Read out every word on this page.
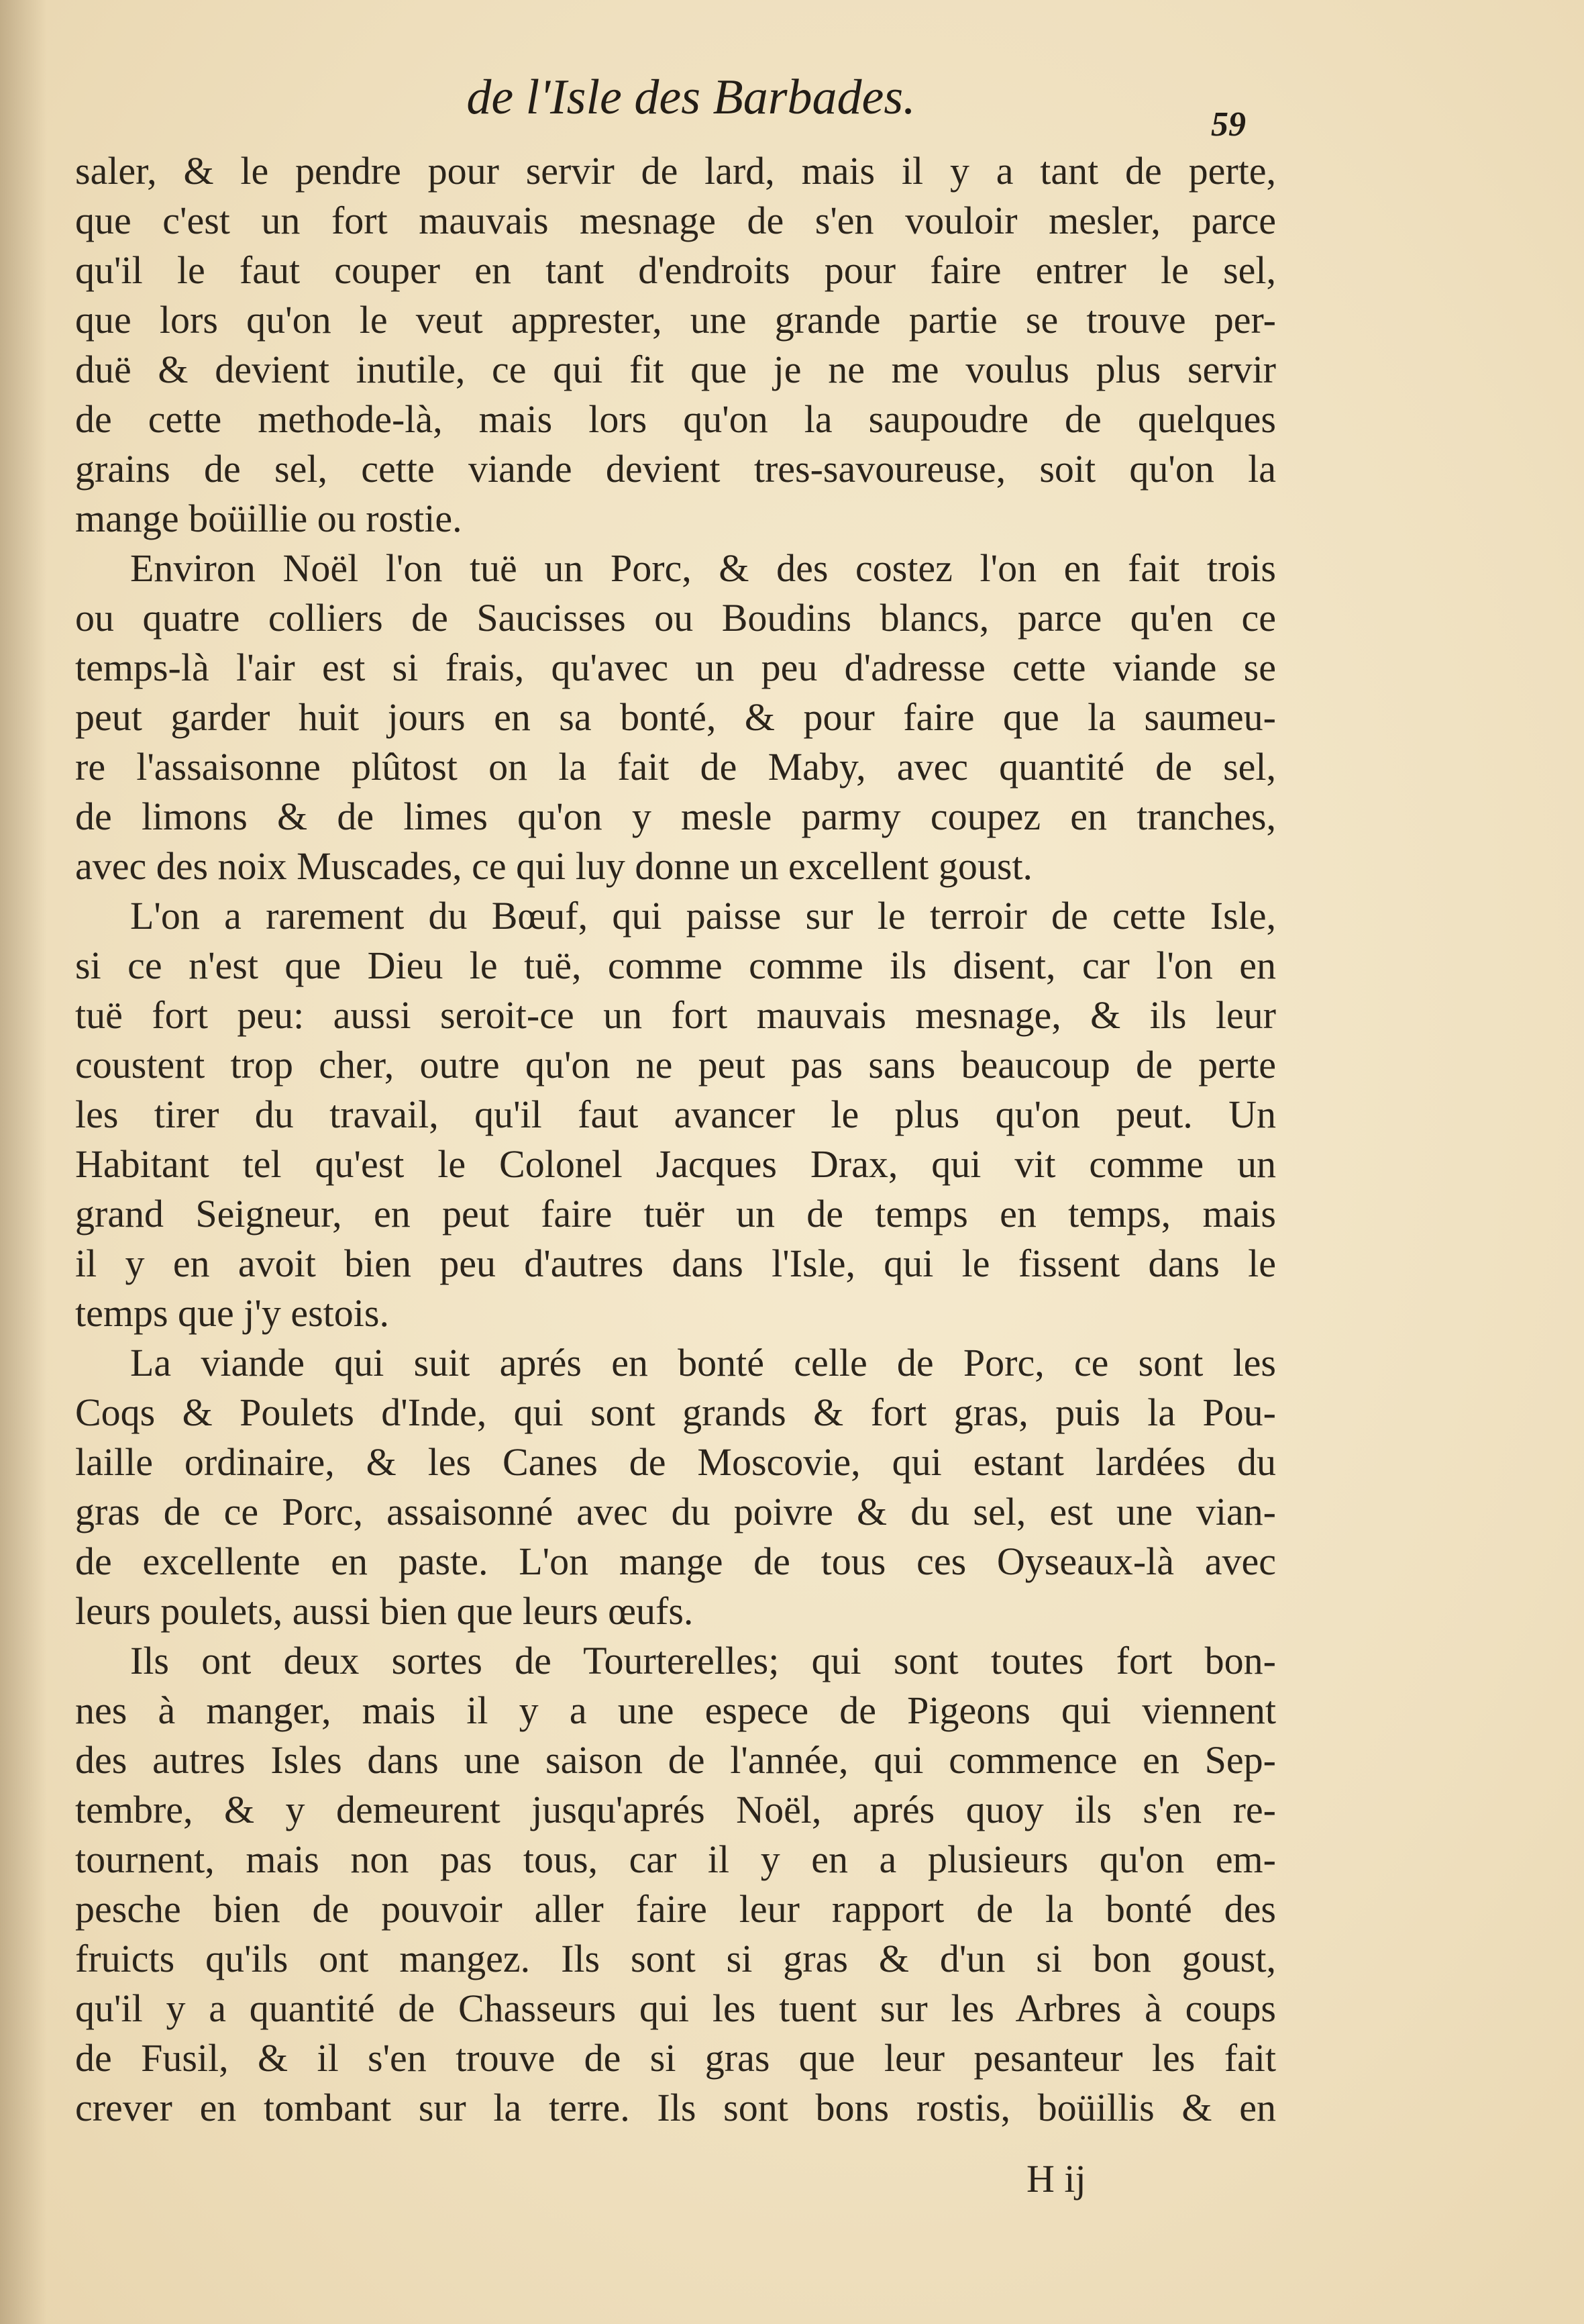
de l'Isle des Barbades.	59
saler, & le pendre pour servir de lard, mais il y a tant de perte,
que c'est un fort mauvais mesnage de s'en vouloir mesler, parce
qu'il le faut couper en tant d'endroits pour faire entrer le sel,
que lors qu'on le veut apprester, une grande partie se trouve per-
duë & devient inutile, ce qui fit que je ne me voulus plus servir
de cette methode-là, mais lors qu'on la saupoudre de quelques
grains de sel, cette viande devient tres-savoureuse, soit qu'on la
mange boüillie ou rostie.
Environ Noël l'on tuë un Porc, & des costez l'on en fait trois
ou quatre colliers de Saucisses ou Boudins blancs, parce qu'en ce
temps-là l'air est si frais, qu'avec un peu d'adresse cette viande se
peut garder huit jours en sa bonté, & pour faire que la saumeu-
re l'assaisonne plûtost on la fait de Maby, avec quantité de sel,
de limons & de limes qu'on y mesle parmy coupez en tranches,
avec des noix Muscades, ce qui luy donne un excellent goust.
L'on a rarement du Bœuf, qui paisse sur le terroir de cette Isle,
si ce n'est que Dieu le tuë, comme comme ils disent, car l'on en
tuë fort peu: aussi seroit-ce un fort mauvais mesnage, & ils leur
coustent trop cher, outre qu'on ne peut pas sans beaucoup de perte
les tirer du travail, qu'il faut avancer le plus qu'on peut. Un
Habitant tel qu'est le Colonel Jacques Drax, qui vit comme un
grand Seigneur, en peut faire tuër un de temps en temps, mais
il y en avoit bien peu d'autres dans l'Isle, qui le fissent dans le
temps que j'y estois.
La viande qui suit aprés en bonté celle de Porc, ce sont les
Coqs & Poulets d'Inde, qui sont grands & fort gras, puis la Pou-
laille ordinaire, & les Canes de Moscovie, qui estant lardées du
gras de ce Porc, assaisonné avec du poivre & du sel, est une vian-
de excellente en paste. L'on mange de tous ces Oyseaux-là avec
leurs poulets, aussi bien que leurs œufs.
Ils ont deux sortes de Tourterelles; qui sont toutes fort bon-
nes à manger, mais il y a une espece de Pigeons qui viennent
des autres Isles dans une saison de l'année, qui commence en Sep-
tembre, & y demeurent jusqu'aprés Noël, aprés quoy ils s'en re-
tournent, mais non pas tous, car il y en a plusieurs qu'on em-
pesche bien de pouvoir aller faire leur rapport de la bonté des
fruicts qu'ils ont mangez. Ils sont si gras & d'un si bon goust,
qu'il y a quantité de Chasseurs qui les tuent sur les Arbres à coups
de Fusil, & il s'en trouve de si gras que leur pesanteur les fait
crever en tombant sur la terre. Ils sont bons rostis, boüillis & en
H ij
